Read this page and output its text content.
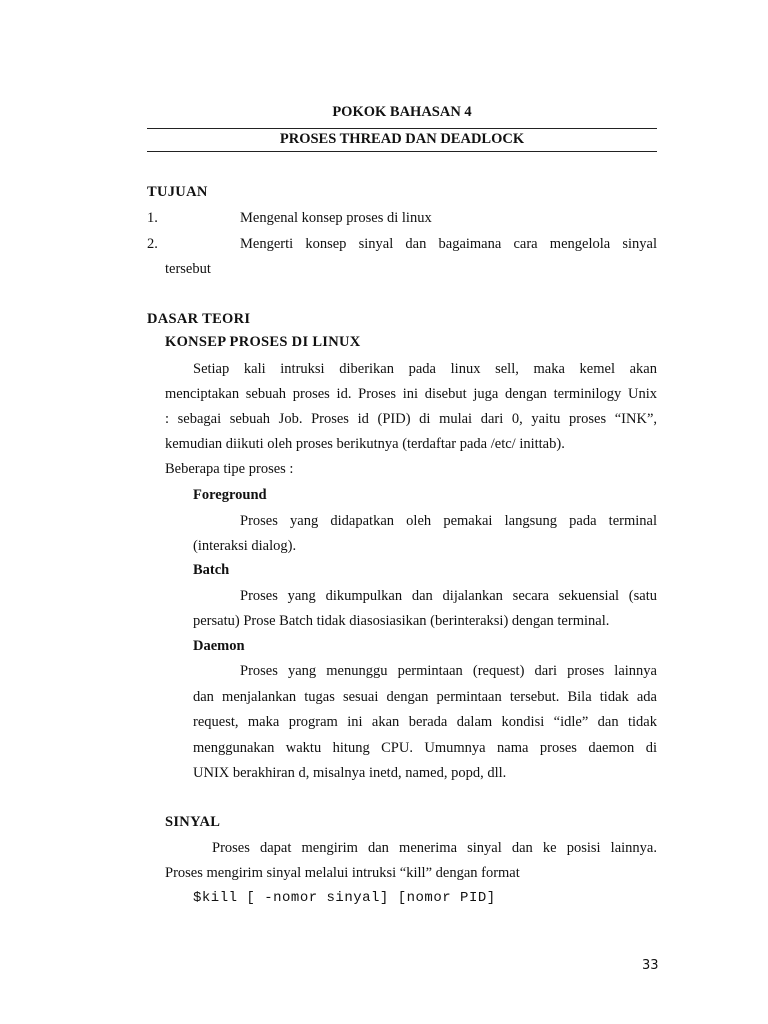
POKOK BAHASAN 4
PROSES THREAD DAN DEADLOCK
TUJUAN
1.	Mengenal konsep proses di linux
2.	Mengerti konsep sinyal dan bagaimana cara mengelola sinyal
tersebut
DASAR TEORI
KONSEP PROSES DI LINUX
Setiap kali intruksi diberikan pada linux sell, maka kemel akan
menciptakan sebuah proses id. Proses ini disebut juga dengan terminilogy Unix
: sebagai sebuah Job. Proses id (PID) di mulai dari 0, yaitu proses “INK”,
kemudian diikuti oleh proses berikutnya (terdaftar pada /etc/ inittab).
Beberapa tipe proses :
Foreground
Proses yang didapatkan oleh pemakai langsung pada terminal
(interaksi dialog).
Batch
Proses yang dikumpulkan dan dijalankan secara sekuensial (satu
persatu) Prose Batch tidak diasosiasikan (berinteraksi) dengan terminal.
Daemon
Proses yang menunggu permintaan (request) dari proses lainnya
dan menjalankan tugas sesuai dengan permintaan tersebut. Bila tidak ada
request, maka program ini akan berada dalam kondisi “idle” dan tidak
menggunakan waktu hitung CPU. Umumnya nama proses daemon di
UNIX berakhiran d, misalnya inetd, named, popd, dll.
SINYAL
Proses dapat mengirim dan menerima sinyal dan ke posisi lainnya.
Proses mengirim sinyal melalui intruksi “kill” dengan format
$kill [ -nomor sinyal] [nomor PID]
33
